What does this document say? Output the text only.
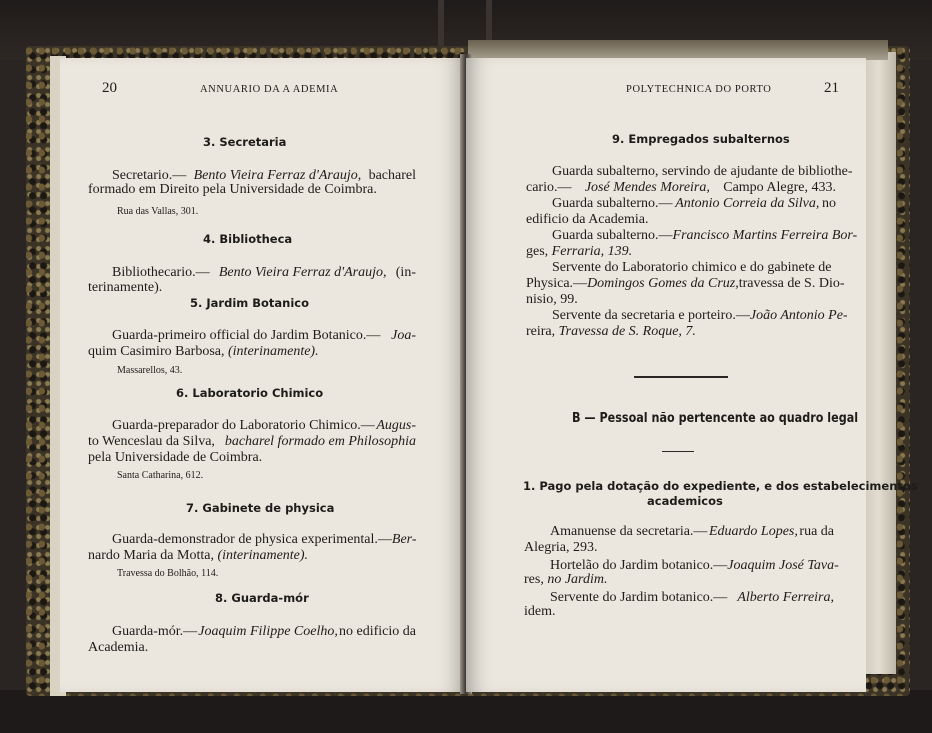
20	ANNUARIO DA A ADEMIA
3. Secretaria
Secretario.— Bento Vieira Ferraz d'Araujo, bacharel
formado em Direito pela Universidade de Coimbra.
Rua das Vallas, 301.
4. Bibliotheca
Bibliothecario.— Bento Vieira Ferraz d'Araujo, (in-
terinamente).
5. Jardim Botanico
Guarda-primeiro official do Jardim Botanico.— Joa-
quim Casimiro Barbosa, (interinamente).
Massarellos, 43.
6. Laboratorio Chimico
Guarda-preparador do Laboratorio Chimico.— Augus-
to Wenceslau da Silva, bacharel formado em Philosophia
pela Universidade de Coimbra.
Santa Catharina, 612.
7. Gabinete de physica
Guarda-demonstrador de physica experimental.— Ber-
nardo Maria da Motta, (interinamente).
Travessa do Bolhão, 114.
8. Guarda-mór
Guarda-mór.— Joaquim Filippe Coelho, no edificio da
Academia.
POLYTECHNICA DO PORTO	21
9. Empregados subalternos
Guarda subalterno, servindo de ajudante de bibliothe-
cario.— José Mendes Moreira, Campo Alegre, 433.
Guarda subalterno.— Antonio Correia da Silva, no
edificio da Academia.
Guarda subalterno.— Francisco Martins Ferreira Bor-
ges, Ferraria, 139.
Servente do Laboratorio chimico e do gabinete de
Physica.— Domingos Gomes da Cruz, travessa de S. Dio-
nisio, 99.
Servente da secretaria e porteiro.— João Antonio Pe-
reira, Travessa de S. Roque, 7.
B — Pessoal não pertencente ao quadro legal
1. Pago pela dotação do expediente, e dos estabelecimentos
academicos
Amanuense da secretaria.— Eduardo Lopes, rua da
Alegria, 293.
Hortelão do Jardim botanico.— Joaquim José Tava-
res, no Jardim.
Servente do Jardim botanico.— Alberto Ferreira,
idem.
